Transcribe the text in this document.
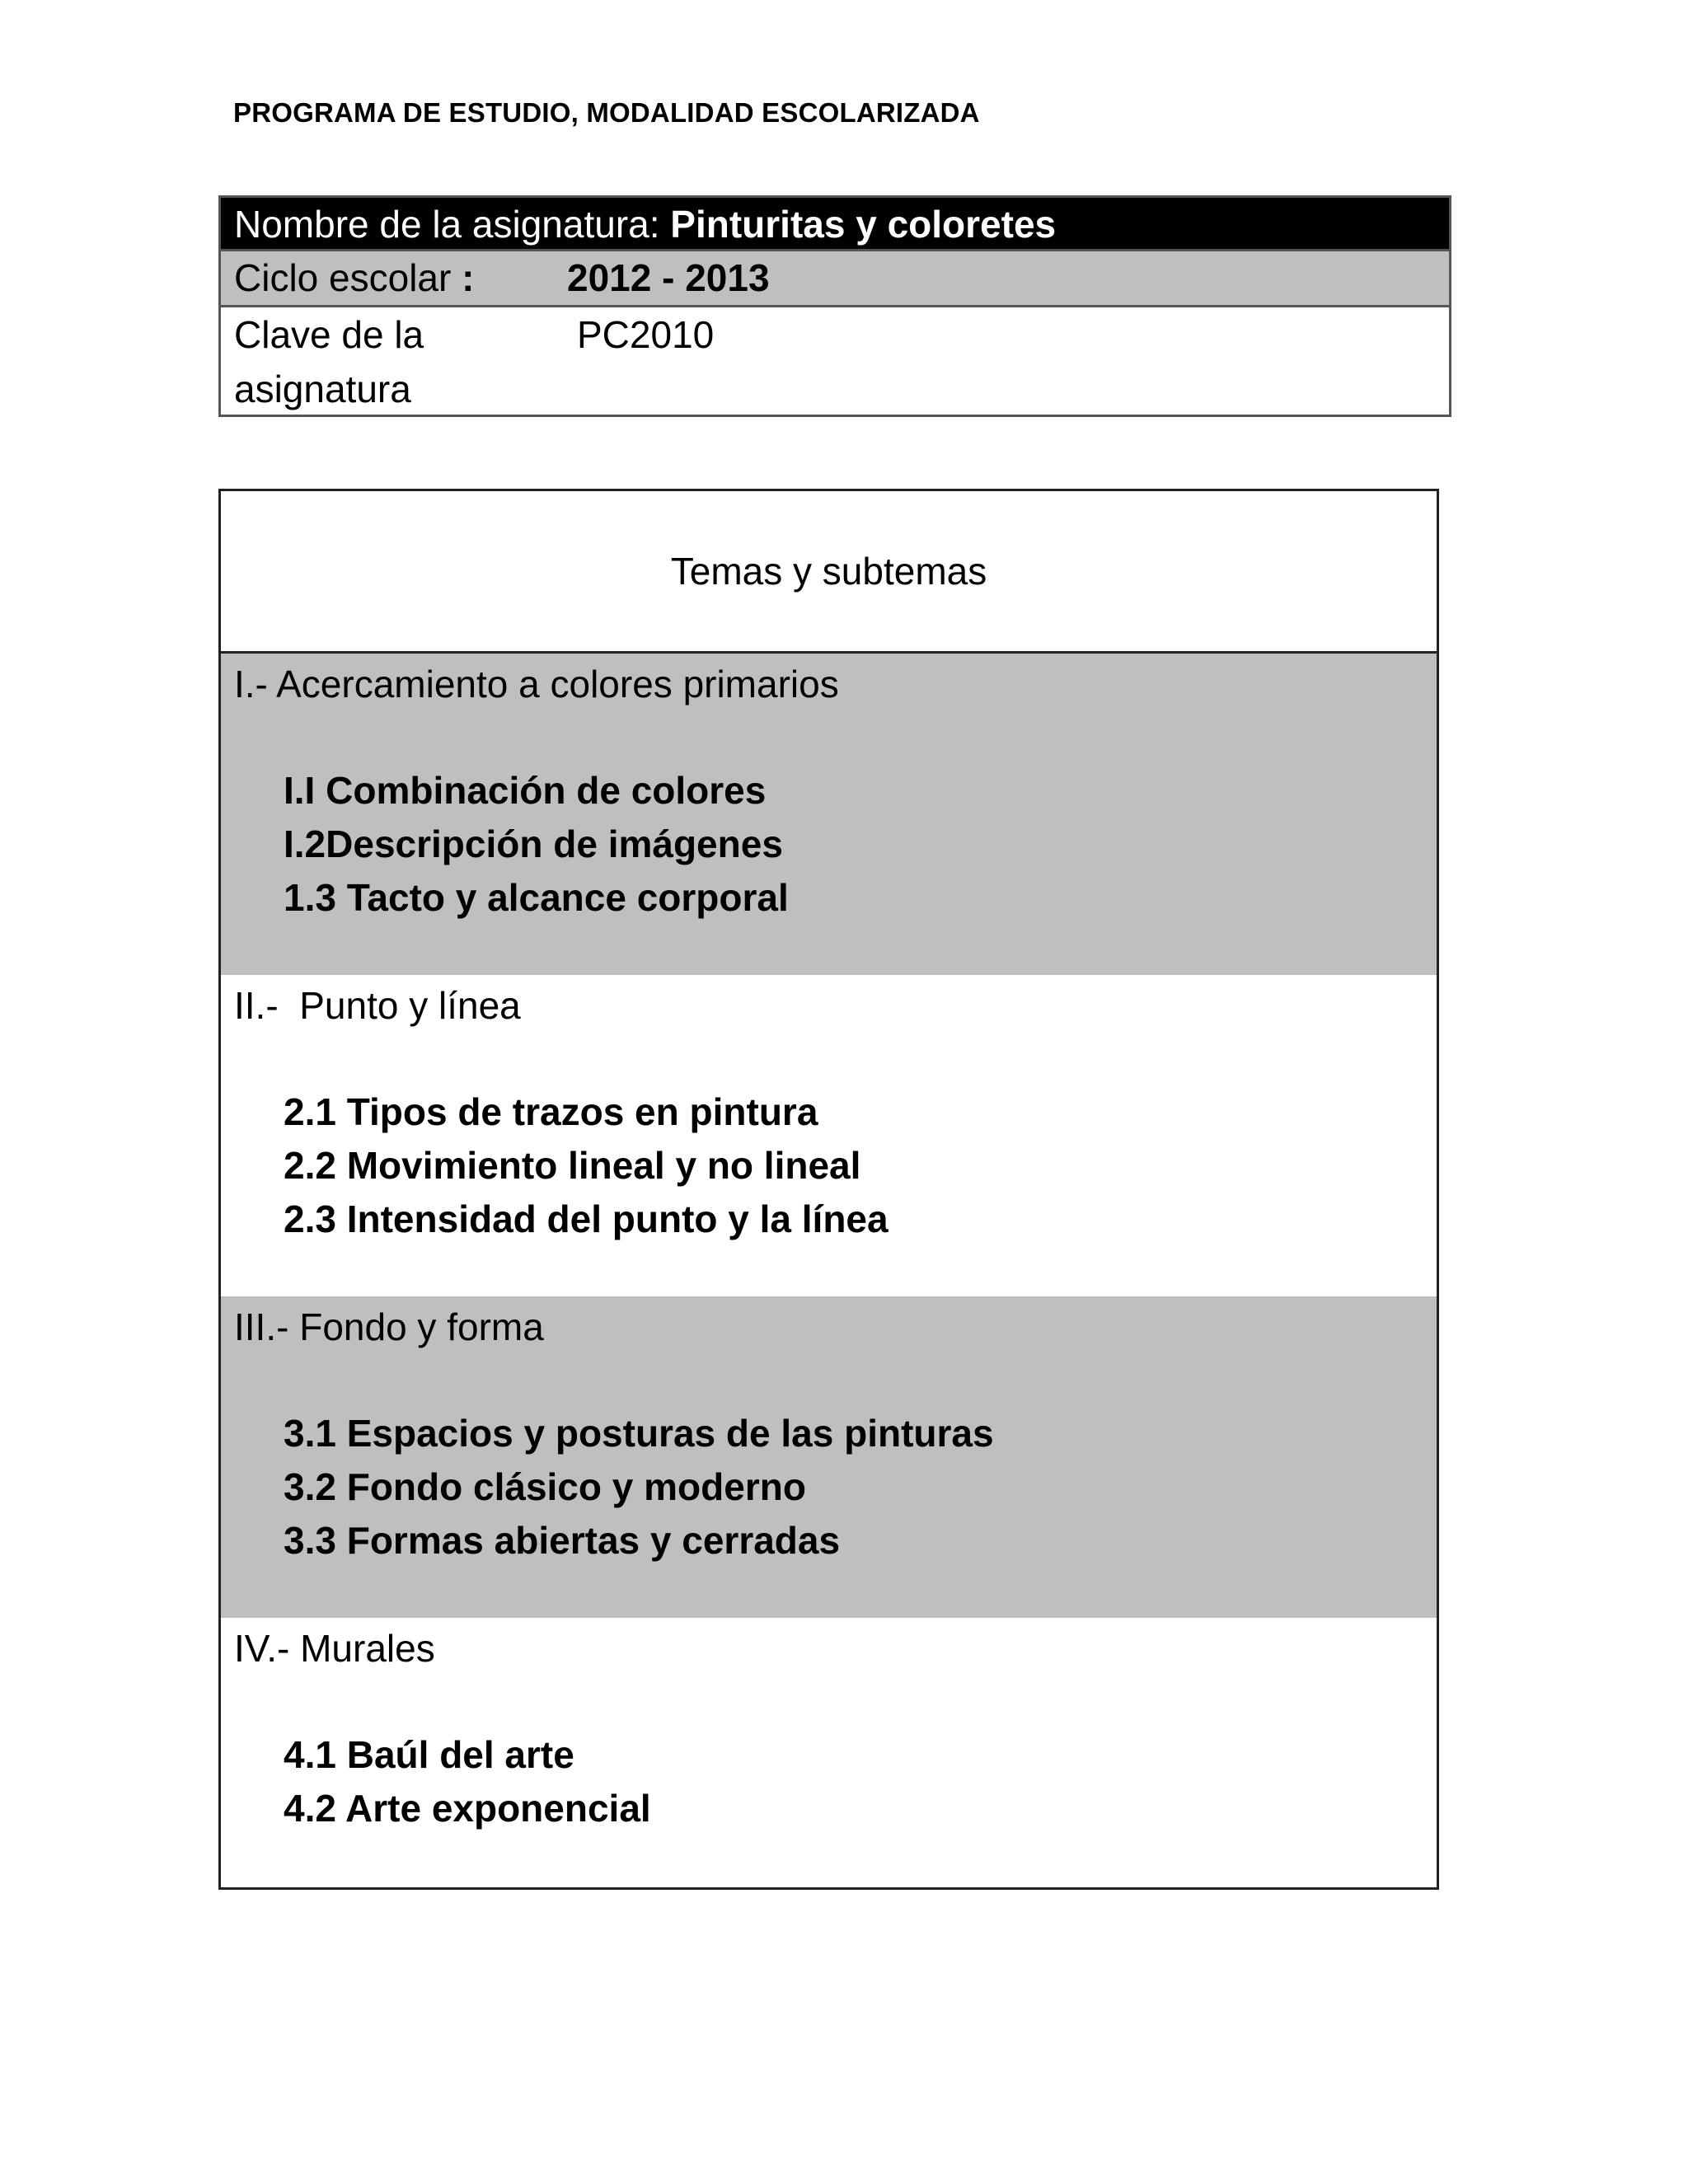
PROGRAMA DE ESTUDIO, MODALIDAD ESCOLARIZADA
Nombre de la asignatura: Pinturitas y coloretes
Ciclo escolar :	2012 - 2013
Clave de la
asignatura
PC2010
Temas y subtemas
I.- Acercamiento a colores primarios
I.I Combinación de colores
I.2Descripción de imágenes
1.3 Tacto y alcance corporal
II.-  Punto y línea
2.1 Tipos de trazos en pintura
2.2 Movimiento lineal y no lineal
2.3 Intensidad del punto y la línea
III.- Fondo y forma
3.1 Espacios y posturas de las pinturas
3.2 Fondo clásico y moderno
3.3 Formas abiertas y cerradas
IV.- Murales
4.1 Baúl del arte
4.2 Arte exponencial
